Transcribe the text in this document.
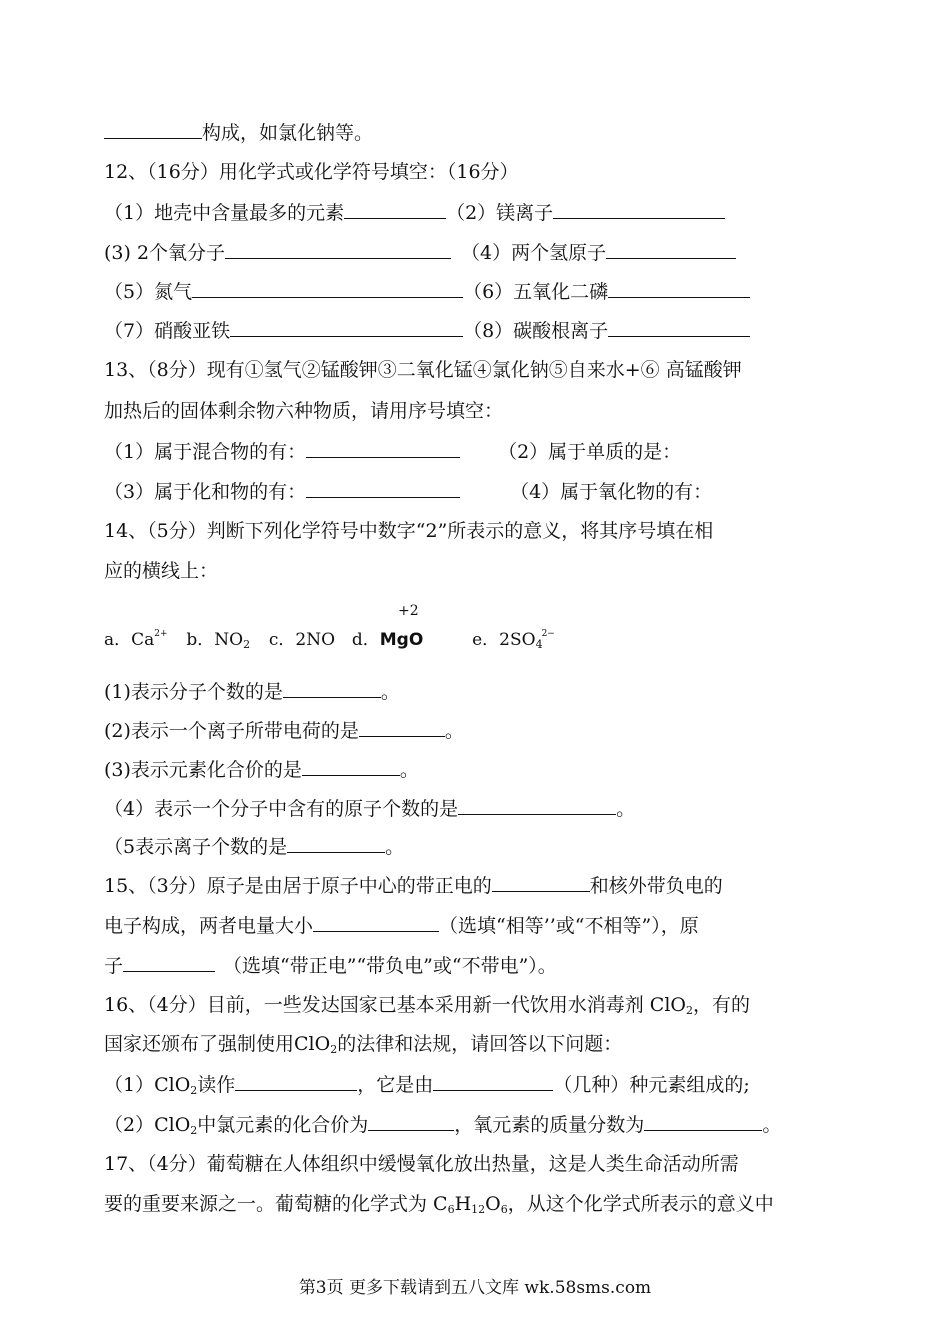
构成，如氯化钠等。
12、（16分）用化学式或化学符号填空：（16分）
（1）地壳中含量最多的元素	（2）镁离子
(3) 2个氧分子	（4）两个氢原子
（5）氮气	（6）五氧化二磷
（7）硝酸亚铁	（8）碳酸根离子
13、（8分）现有①氢气②锰酸钾③二氧化锰④氯化钠⑤自来水+⑥ 高锰酸钾
加热后的固体剩余物六种物质，请用序号填空：
（1）属于混合物的有：	（2）属于单质的是：
（3）属于化和物的有：	（4）属于氧化物的有：
14、（5分）判断下列化学符号中数字“2”所表示的意义，将其序号填在相
应的横线上：
a．$Ca^{2+}$ b．$NO_2$ c．2NO d．MgO	e．$2SO_4^{2-}$
+2
(1)表示分子个数的是	。
(2)表示一个离子所带电荷的是	。
(3)表示元素化合价的是	。
（4）表示一个分子中含有的原子个数的是	。
（5表示离子个数的是	。
15、（3分）原子是由居于原子中心的带正电的	和核外带负电的
电子构成，两者电量大小	（选填“相等’’或“不相等”），原
子	（选填“带正电”“带负电”或“不带电”）。
16、（4分）目前，一些发达国家已基本采用新一代饮用水消毒剂 ClO$_2$，有的
国家还颁布了强制使用ClO$_2$的法律和法规，请回答以下问题：
（1）ClO$_2$读作	，它是由	（几种）种元素组成的;
（2）ClO$_2$中氯元素的化合价为	，氧元素的质量分数为	。
17、（4分）葡萄糖在人体组织中缓慢氧化放出热量，这是人类生命活动所需
要的重要来源之一。葡萄糖的化学式为 $C_6H_{12}O_6$，从这个化学式所表示的意义中
第3页 更多下载请到五八文库 wk.58sms.com
